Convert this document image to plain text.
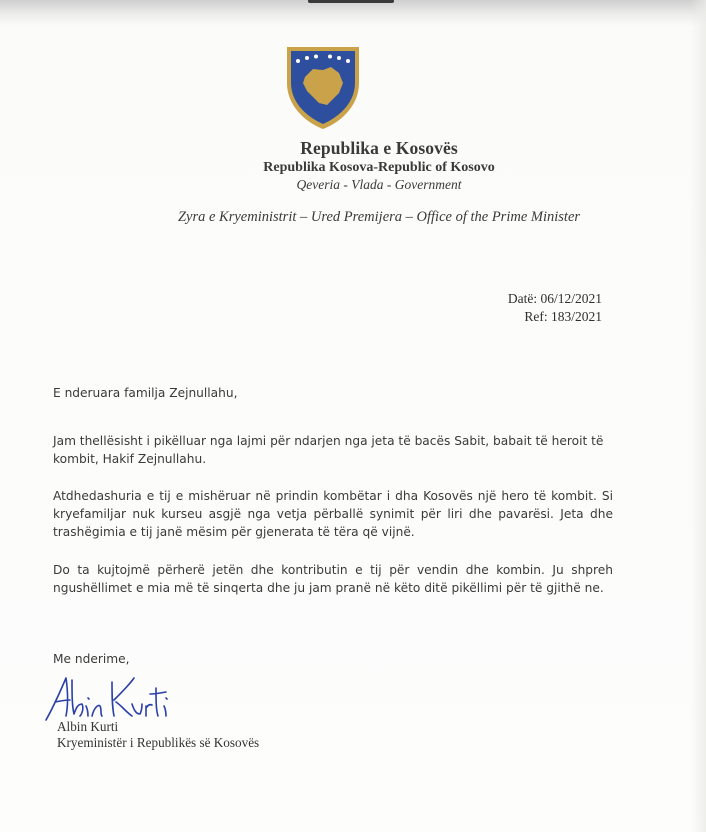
Republika e Kosovës
Republika Kosova-Republic of Kosovo
Qeveria - Vlada - Government
Zyra e Kryeministrit – Ured Premijera – Office of the Prime Minister
Datë: 06/12/2021
Ref: 183/2021
E nderuara familja Zejnullahu,
Jam thellësisht i pikëlluar nga lajmi për ndarjen nga jeta të bacës Sabit, babait të heroit të kombit, Hakif Zejnullahu.
Atdhedashuria e tij e mishëruar në prindin kombëtar i dha Kosovës një hero të kombit. Si kryefamiljar nuk kurseu asgjë nga vetja përballë synimit për liri dhe pavarësi. Jeta dhe trashëgimia e tij janë mësim për gjenerata të tëra që vijnë.
Do ta kujtojmë përherë jetën dhe kontributin e tij për vendin dhe kombin. Ju shpreh ngushëllimet e mia më të sinqerta dhe ju jam pranë në këto ditë pikëllimi për të gjithë ne.
Me nderime,
Albin Kurti
Kryeministër i Republikës së Kosovës
